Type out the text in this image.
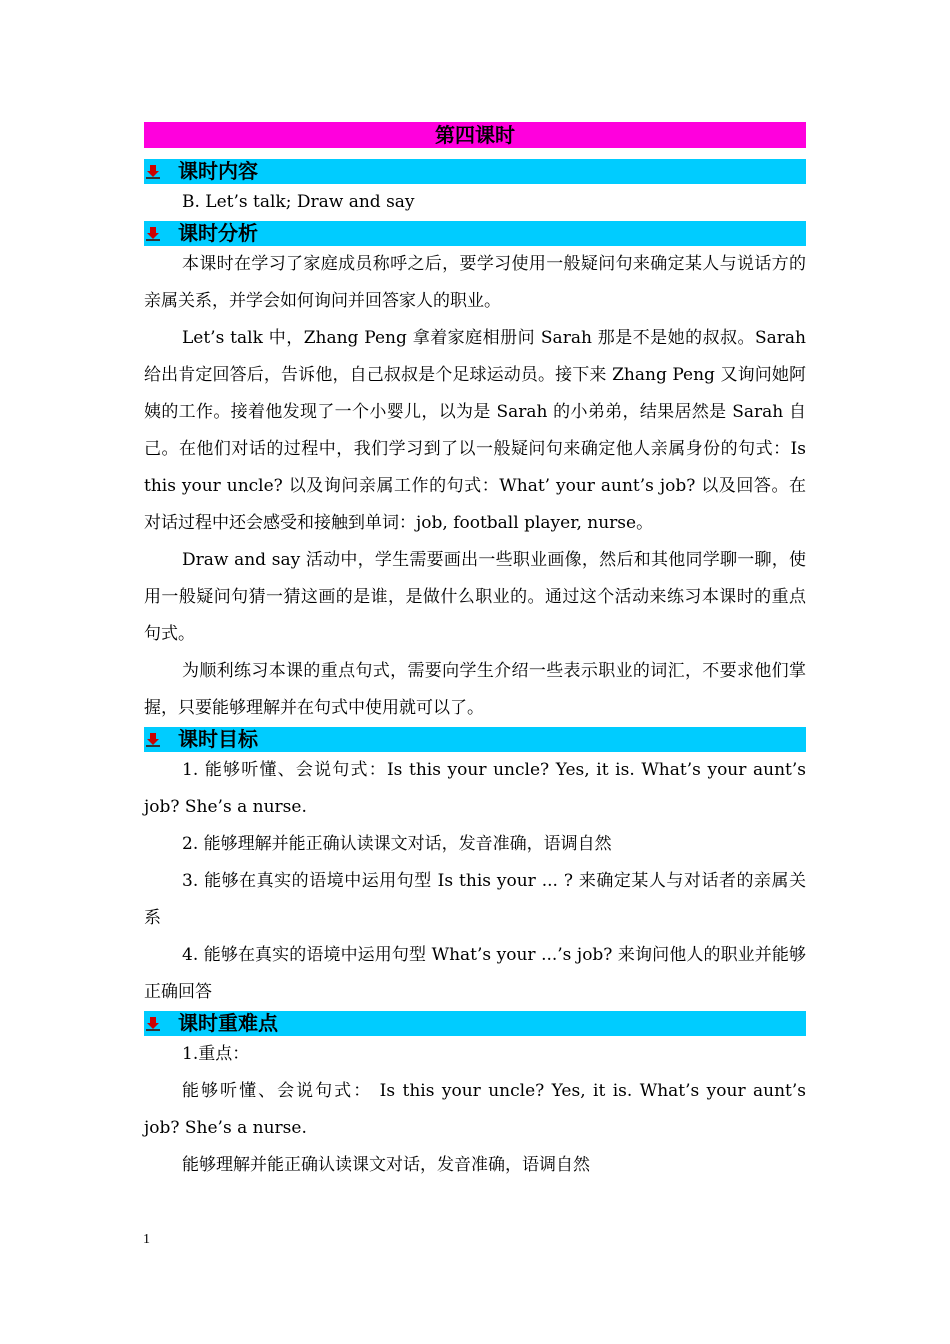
第四课时
课时内容

B. Let’s talk; Draw and say

课时分析

本课时在学习了家庭成员称呼之后，要学习使用一般疑问句来确定某人与说话方的亲属关系，并学会如何询问并回答家人的职业。

Let’s talk 中，Zhang Peng 拿着家庭相册问 Sarah 那是不是她的叔叔。Sarah 给出肯定回答后，告诉他，自己叔叔是个足球运动员。接下来 Zhang Peng 又询问她阿姨的工作。接着他发现了一个小婴儿，以为是 Sarah 的小弟弟，结果居然是 Sarah 自己。在他们对话的过程中，我们学习到了以一般疑问句来确定他人亲属身份的句式：Is this your uncle? 以及询问亲属工作的句式：What’ your aunt’s job? 以及回答。在对话过程中还会感受和接触到单词：job, football player, nurse。

Draw and say 活动中，学生需要画出一些职业画像，然后和其他同学聊一聊，使用一般疑问句猜一猜这画的是谁，是做什么职业的。通过这个活动来练习本课时的重点句式。

为顺利练习本课的重点句式，需要向学生介绍一些表示职业的词汇，不要求他们掌握，只要能够理解并在句式中使用就可以了。

课时目标

1. 能够听懂、会说句式：Is this your uncle? Yes, it is. What’s your aunt’s job? She’s a nurse.

2. 能够理解并能正确认读课文对话，发音准确，语调自然

3. 能够在真实的语境中运用句型 Is this your ... ? 来确定某人与对话者的亲属关系

4. 能够在真实的语境中运用句型 What’s your ...’s job? 来询问他人的职业并能够正确回答

课时重难点

1.重点：

能够听懂、会说句式： Is this your uncle? Yes, it is. What’s your aunt’s job? She’s a nurse.

能够理解并能正确认读课文对话，发音准确，语调自然

1
